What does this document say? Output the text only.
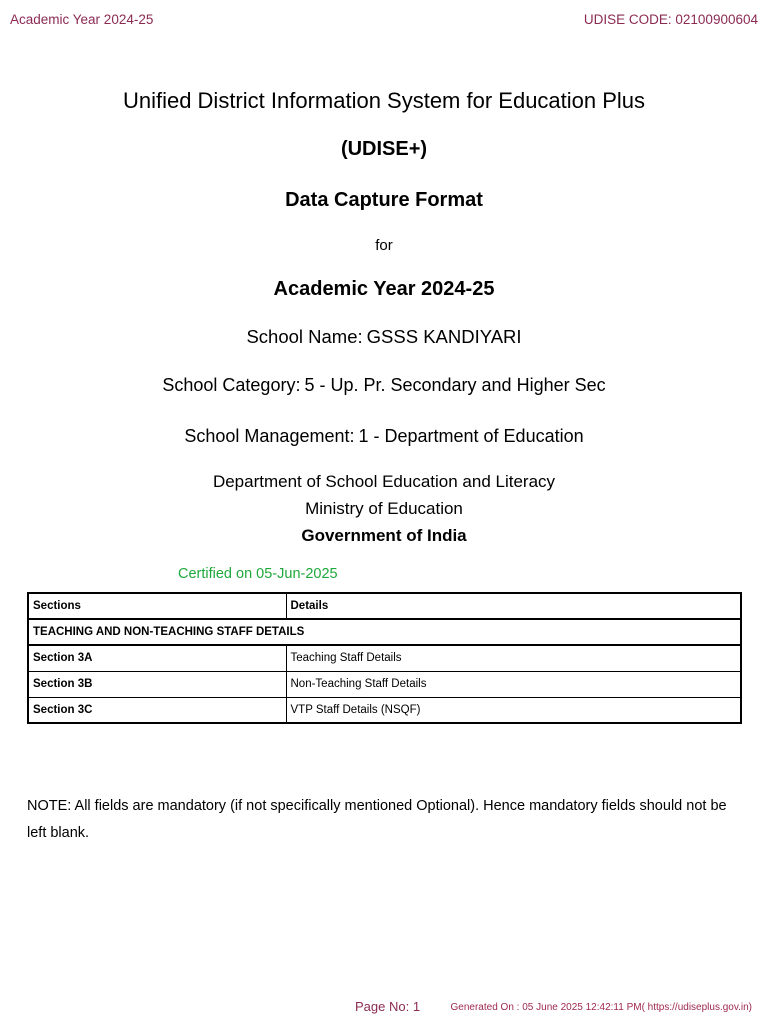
Academic Year 2024-25	UDISE CODE: 02100900604
Unified District Information System for Education Plus
(UDISE+)
Data Capture Format
for
Academic Year 2024-25
School Name: GSSS KANDIYARI
School Category: 5 - Up. Pr. Secondary and Higher Sec
School Management: 1 - Department of Education
Department of School Education and Literacy
Ministry of Education
Government of India
Certified on 05-Jun-2025
Sections	Details
TEACHING AND NON-TEACHING STAFF DETAILS	
Section 3A	Teaching Staff Details
Section 3B	Non-Teaching Staff Details
Section 3C	VTP Staff Details (NSQF)
NOTE: All fields are mandatory (if not specifically mentioned Optional). Hence mandatory fields should not be left blank.
Page No: 1	Generated On : 05 June 2025 12:42:11 PM( https://udiseplus.gov.in)
